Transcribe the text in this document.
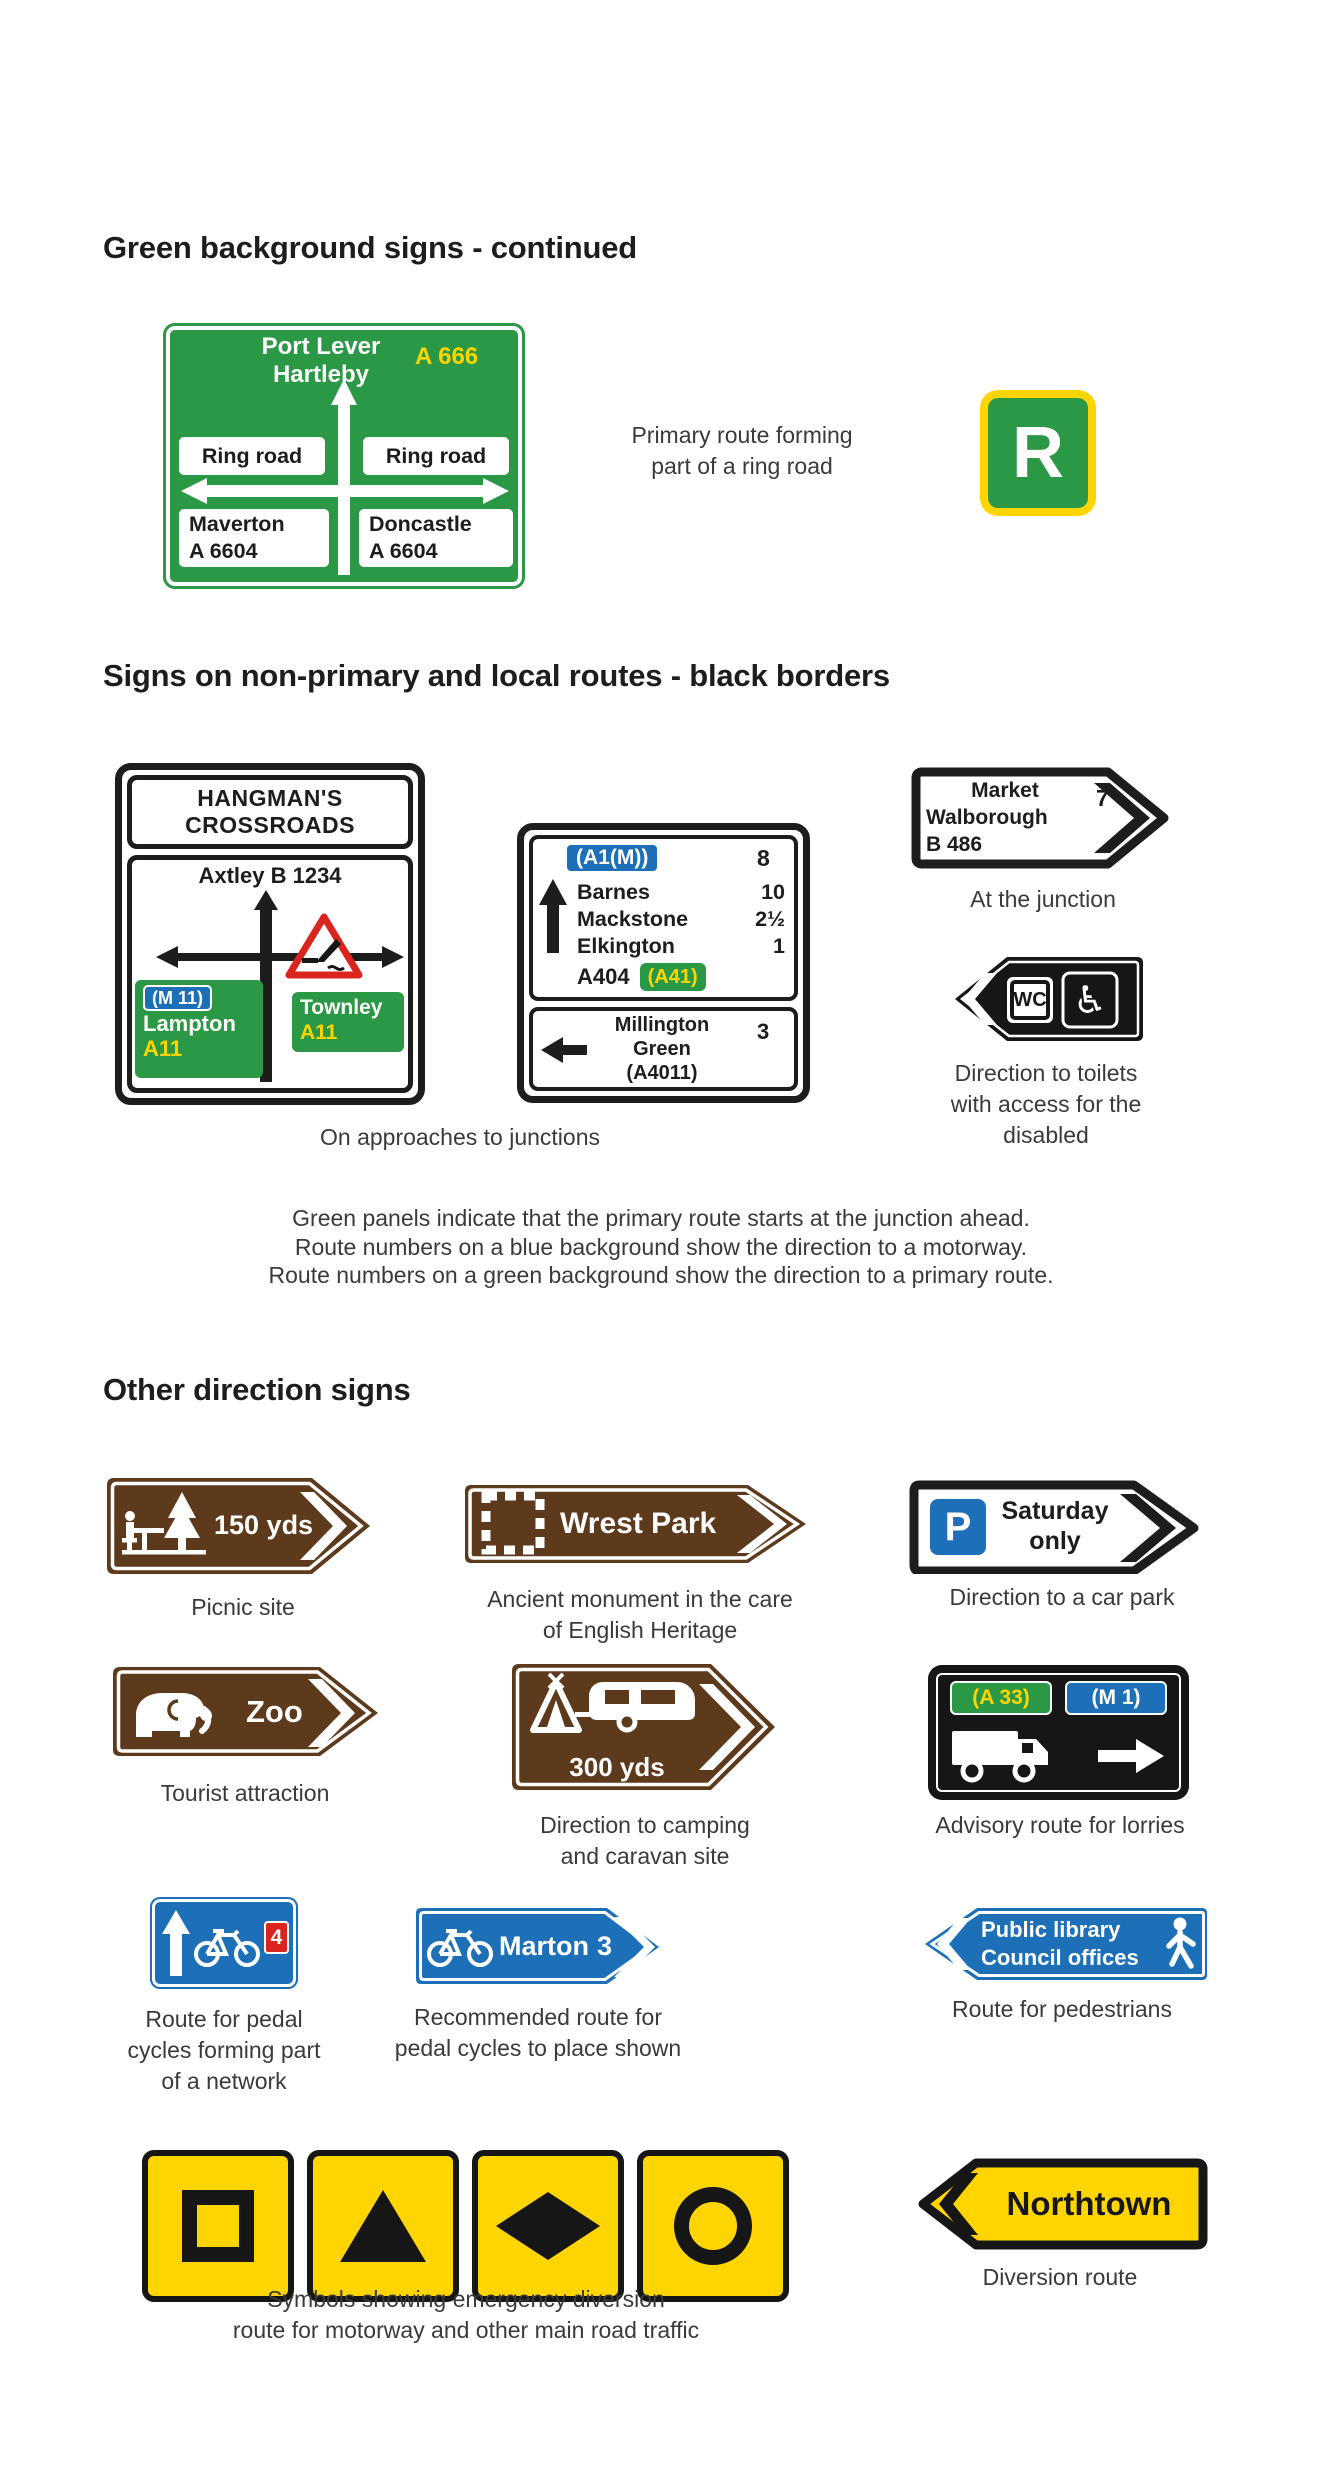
Green background signs - continued
Port Lever
Hartleby
A 666
Ring road	Ring road
Maverton
A 6604
Doncastle
A 6604
Primary route forming
part of a ring road	R
Signs on non-primary and local routes - black borders
HANGMAN'S
CROSSROADS
Axtley B 1234
(M 11)
Lampton
A11
Townley
A11
(A1(M))	8
Barnes
Mackstone
Elkington
10
2½
1
A404 (A41)
Millington
Green
(A4011)
3
Market
Walborough
B 486
7
At the junction
WC ♿
Direction to toilets
with access for the
disabled
On approaches to junctions
Green panels indicate that the primary route starts at the junction ahead.
Route numbers on a blue background show the direction to a motorway.
Route numbers on a green background show the direction to a primary route.
Other direction signs
150 yds
Picnic site
Wrest Park
Ancient monument in the care
of English Heritage
P	Saturday
only
Direction to a car park
Zoo
Tourist attraction
300 yds
Direction to camping
and caravan site
(A 33)	(M 1)
Advisory route for lorries
4
Route for pedal
cycles forming part
of a network
Marton 3
Recommended route for
pedal cycles to place shown
Public library
Council offices
Route for pedestrians
Symbols showing emergency diversion
route for motorway and other main road traffic
Northtown
Diversion route
